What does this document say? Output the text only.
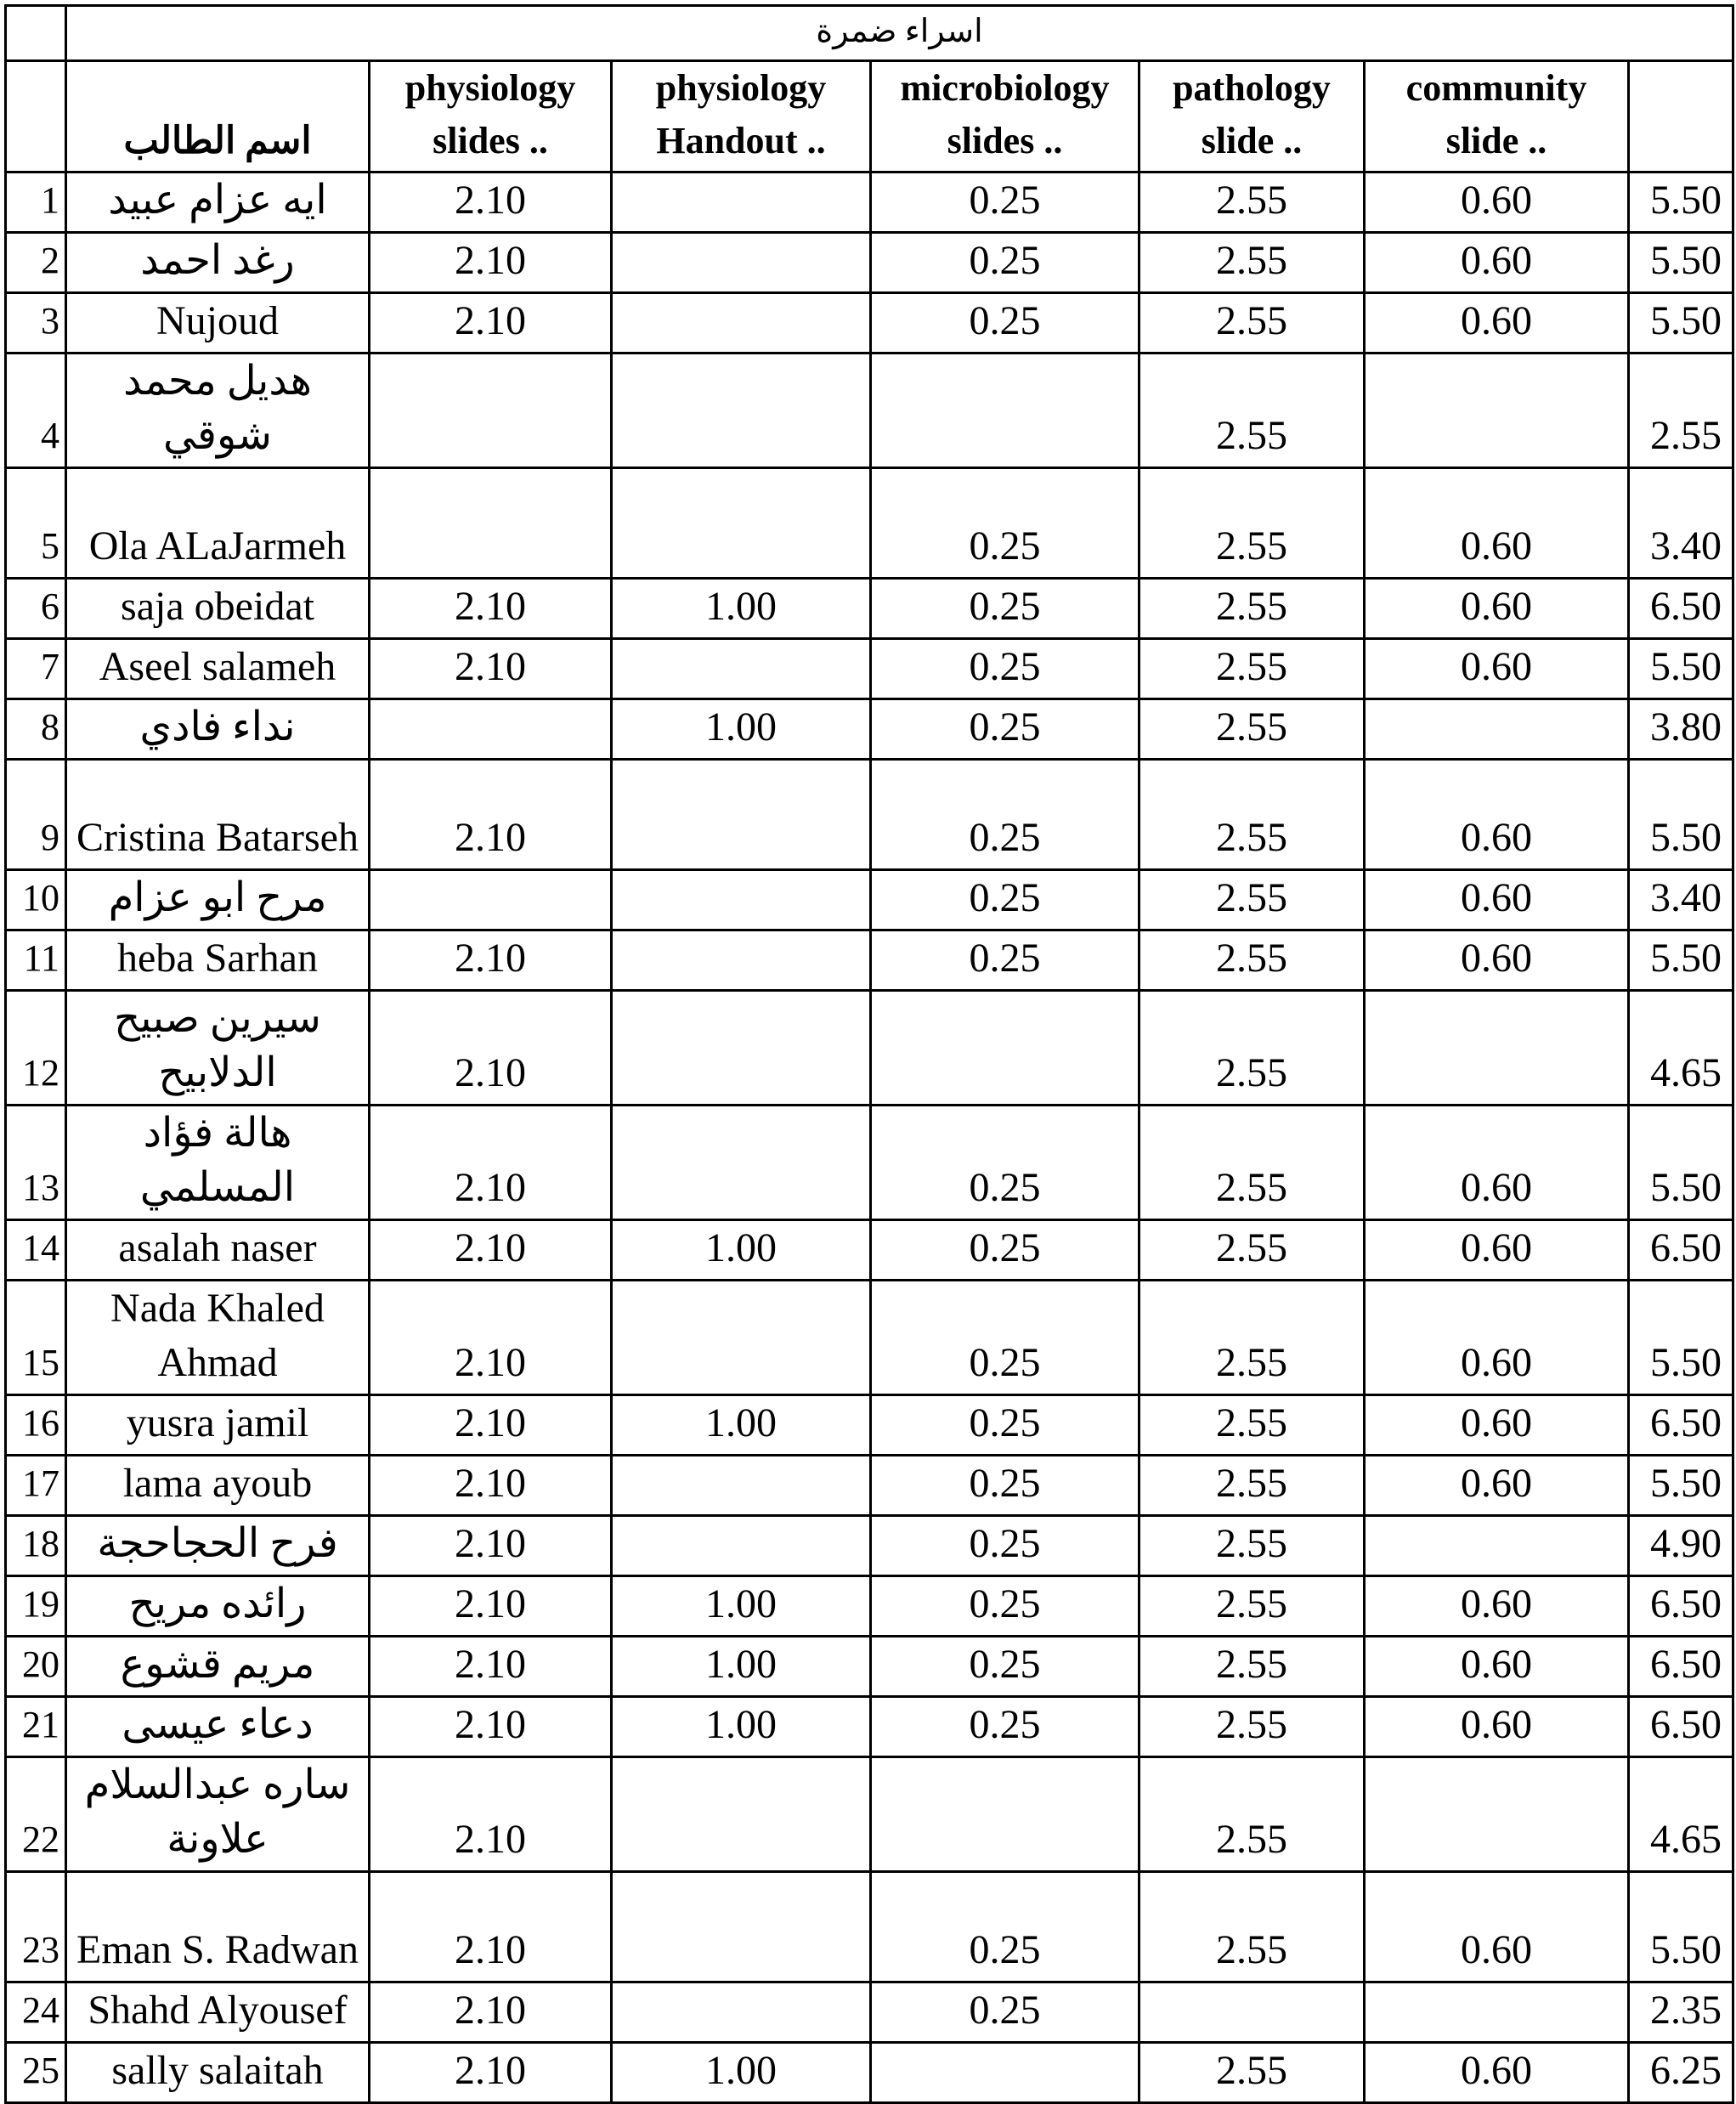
	اسراء ضمرة						
	اسم الطالب	physiology slides ..	physiology Handout ..	microbiology slides ..	pathology slide ..	community slide ..	
1	ايه عزام عبيد	2.10		0.25	2.55	0.60	5.50
2	رغد احمد	2.10		0.25	2.55	0.60	5.50
3	Nujoud	2.10		0.25	2.55	0.60	5.50
4	هديل محمد شوقي				2.55		2.55
5	Ola ALaJarmeh			0.25	2.55	0.60	3.40
6	saja obeidat	2.10	1.00	0.25	2.55	0.60	6.50
7	Aseel salameh	2.10		0.25	2.55	0.60	5.50
8	نداء فادي		1.00	0.25	2.55		3.80
9	Cristina Batarseh	2.10		0.25	2.55	0.60	5.50
10	مرح ابو عزام			0.25	2.55	0.60	3.40
11	heba Sarhan	2.10		0.25	2.55	0.60	5.50
12	سيرين صبيح الدلابيح	2.10			2.55		4.65
13	هالة فؤاد المسلمي	2.10		0.25	2.55	0.60	5.50
14	asalah naser	2.10	1.00	0.25	2.55	0.60	6.50
15	Nada Khaled Ahmad	2.10		0.25	2.55	0.60	5.50
16	yusra jamil	2.10	1.00	0.25	2.55	0.60	6.50
17	lama ayoub	2.10		0.25	2.55	0.60	5.50
18	فرح الحجاحجة	2.10		0.25	2.55		4.90
19	رائده مريح	2.10	1.00	0.25	2.55	0.60	6.50
20	مريم قشوع	2.10	1.00	0.25	2.55	0.60	6.50
21	دعاء عيسى	2.10	1.00	0.25	2.55	0.60	6.50
22	ساره عبدالسلام علاونة	2.10			2.55		4.65
23	Eman S. Radwan	2.10		0.25	2.55	0.60	5.50
24	Shahd Alyousef	2.10		0.25			2.35
25	sally salaitah	2.10	1.00		2.55	0.60	6.25
